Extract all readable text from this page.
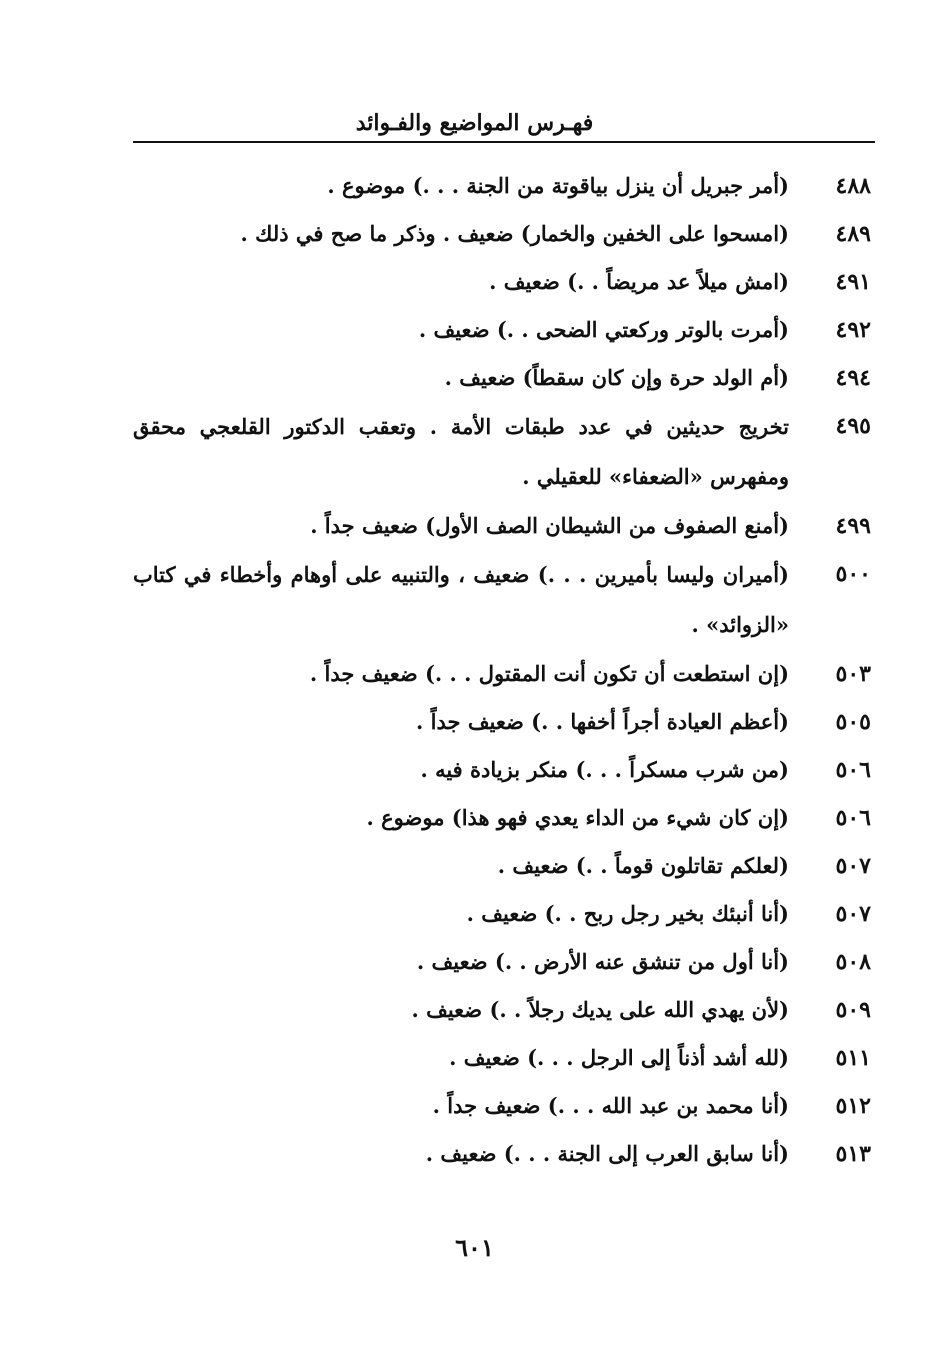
فهـرس المواضيع والفـوائد
٤٨٨
(أمر جبريل أن ينزل بياقوتة من الجنة . . .) موضوع .
٤٨٩
(امسحوا على الخفين والخمار) ضعيف . وذكر ما صح في ذلك .
٤٩١
(امش ميلاً عد مريضاً . .) ضعيف .
٤٩٢
(أمرت بالوتر وركعتي الضحى . .) ضعيف .
٤٩٤
(أم الولد حرة وإن كان سقطاً) ضعيف .
٤٩٥
تخريج حديثين في عدد طبقات الأمة . وتعقب الدكتور القلعجي محقق ومفهرس «الضعفاء» للعقيلي .
٤٩٩
(أمنع الصفوف من الشيطان الصف الأول) ضعيف جداً .
٥٠٠
(أميران وليسا بأميرين . . .) ضعيف ، والتنبيه على أوهام وأخطاء في كتاب «الزوائد» .
٥٠٣
(إن استطعت أن تكون أنت المقتول . . .) ضعيف جداً .
٥٠٥
(أعظم العيادة أجراً أخفها . .) ضعيف جداً .
٥٠٦
(من شرب مسكراً . . .) منكر بزيادة فيه .
٥٠٦
(إن كان شيء من الداء يعدي فهو هذا) موضوع .
٥٠٧
(لعلكم تقاتلون قوماً . .) ضعيف .
٥٠٧
(أنا أنبئك بخير رجل ربح . .) ضعيف .
٥٠٨
(أنا أول من تنشق عنه الأرض . .) ضعيف .
٥٠٩
(لأن يهدي الله على يديك رجلاً . .) ضعيف .
٥١١
(لله أشد أذناً إلى الرجل . . .) ضعيف .
٥١٢
(أنا محمد بن عبد الله . . .) ضعيف جداً .
٥١٣
(أنا سابق العرب إلى الجنة . . .) ضعيف .
٦٠١
